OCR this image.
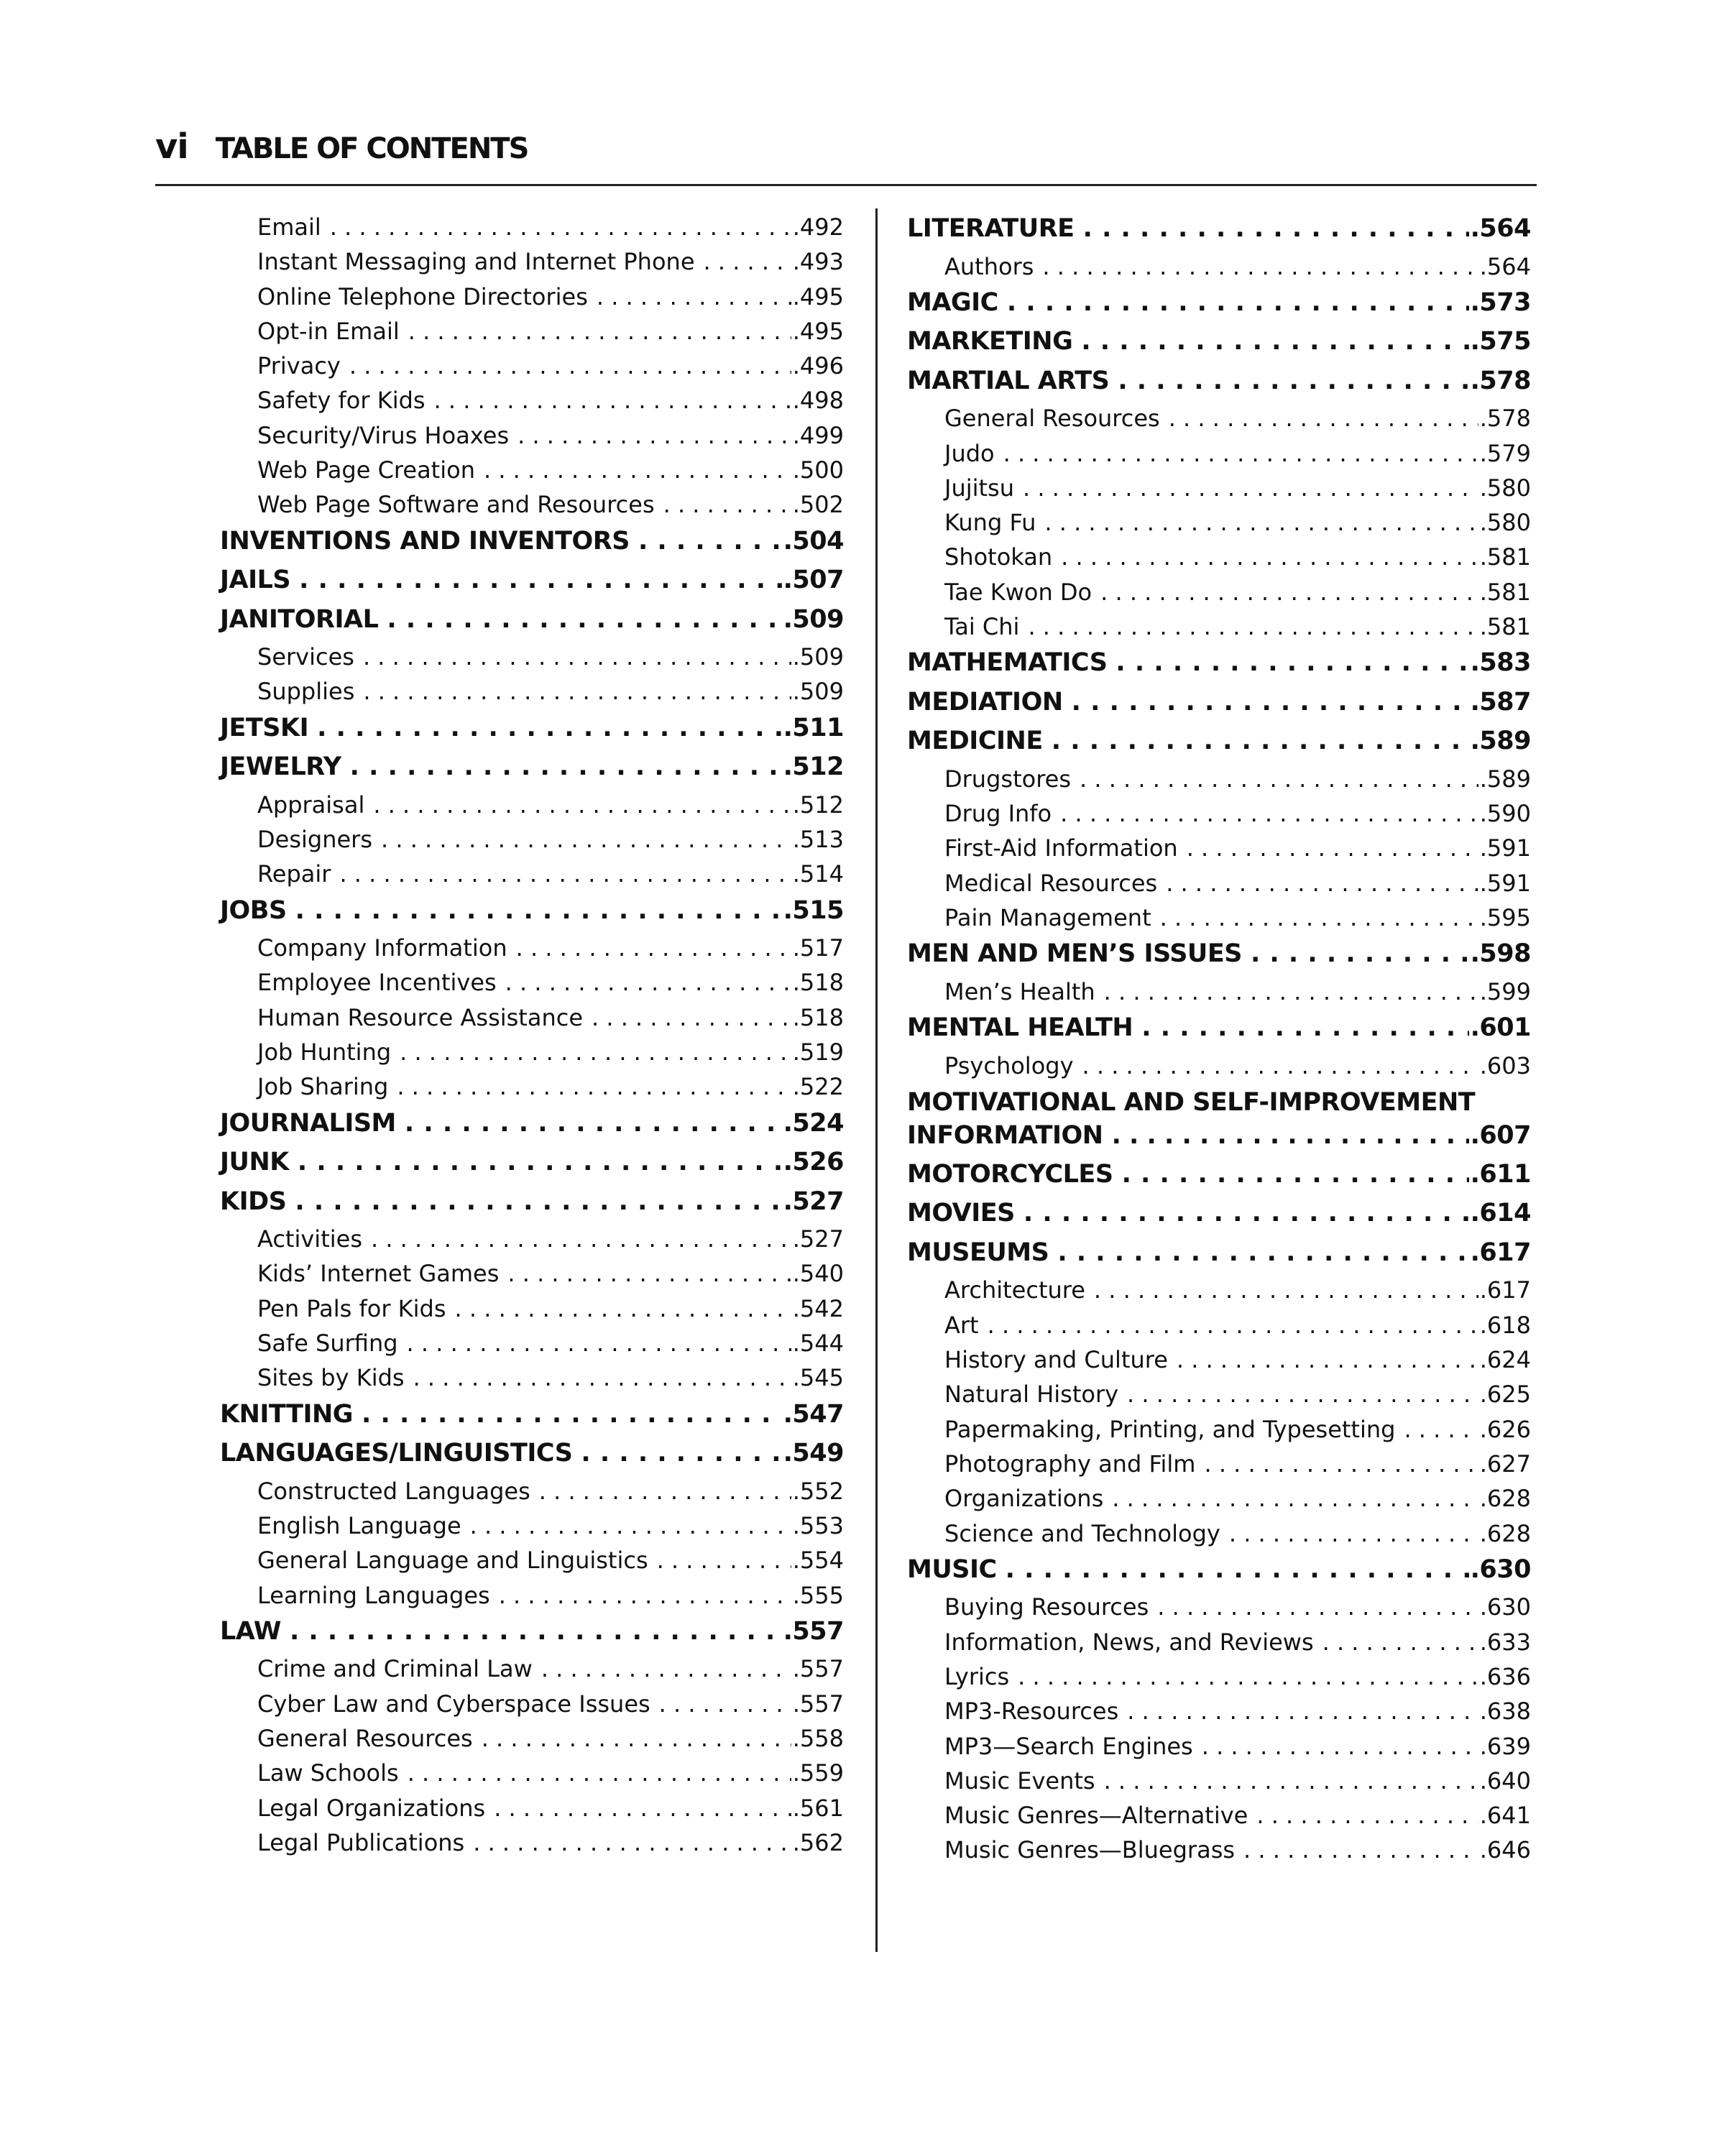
vi TABLE OF CONTENTS
Email . . .	.492
Instant Messaging and Internet Phone . . .	.493
Online Telephone Directories . . .	.495
Opt-in Email . . .	.495
Privacy . . .	.496
Safety for Kids . . .	.498
Security/Virus Hoaxes . . .	.499
Web Page Creation . . .	.500
Web Page Software and Resources . . .	.502
INVENTIONS AND INVENTORS . . .	.504
JAILS . . .	.507
JANITORIAL . . .	.509
Services . . .	.509
Supplies . . .	.509
JETSKI . . .	.511
JEWELRY . . .	.512
Appraisal . . .	.512
Designers . . .	.513
Repair . . .	.514
JOBS . . .	.515
Company Information . . .	.517
Employee Incentives . . .	.518
Human Resource Assistance . . .	.518
Job Hunting . . .	.519
Job Sharing . . .	.522
JOURNALISM . . .	.524
JUNK . . .	.526
KIDS . . .	.527
Activities . . .	.527
Kids’ Internet Games . . .	.540
Pen Pals for Kids . . .	.542
Safe Surfing . . .	.544
Sites by Kids . . .	.545
KNITTING . . .	.547
LANGUAGES/LINGUISTICS . . .	.549
Constructed Languages . . .	.552
English Language . . .	.553
General Language and Linguistics . . .	.554
Learning Languages . . .	.555
LAW . . .	.557
Crime and Criminal Law . . .	.557
Cyber Law and Cyberspace Issues . . .	.557
General Resources . . .	.558
Law Schools . . .	.559
Legal Organizations . . .	.561
Legal Publications . . .	.562
LITERATURE . . .	.564
Authors . . .	.564
MAGIC . . .	.573
MARKETING . . .	.575
MARTIAL ARTS . . .	.578
General Resources . . .	.578
Judo . . .	.579
Jujitsu . . .	.580
Kung Fu . . .	.580
Shotokan . . .	.581
Tae Kwon Do . . .	.581
Tai Chi . . .	.581
MATHEMATICS . . .	.583
MEDIATION . . .	.587
MEDICINE . . .	.589
Drugstores . . .	.589
Drug Info . . .	.590
First-Aid Information . . .	.591
Medical Resources . . .	.591
Pain Management . . .	.595
MEN AND MEN’S ISSUES . . .	.598
Men’s Health . . .	.599
MENTAL HEALTH . . .	.601
Psychology . . .	.603
MOTIVATIONAL AND SELF-IMPROVEMENT
INFORMATION . . .	.607
MOTORCYCLES . . .	.611
MOVIES . . .	.614
MUSEUMS . . .	.617
Architecture . . .	.617
Art . . .	.618
History and Culture . . .	.624
Natural History . . .	.625
Papermaking, Printing, and Typesetting . . .	.626
Photography and Film . . .	.627
Organizations . . .	.628
Science and Technology . . .	.628
MUSIC . . .	.630
Buying Resources . . .	.630
Information, News, and Reviews . . .	.633
Lyrics . . .	.636
MP3-Resources . . .	.638
MP3—Search Engines . . .	.639
Music Events . . .	.640
Music Genres—Alternative . . .	.641
Music Genres—Bluegrass . . .	.646
